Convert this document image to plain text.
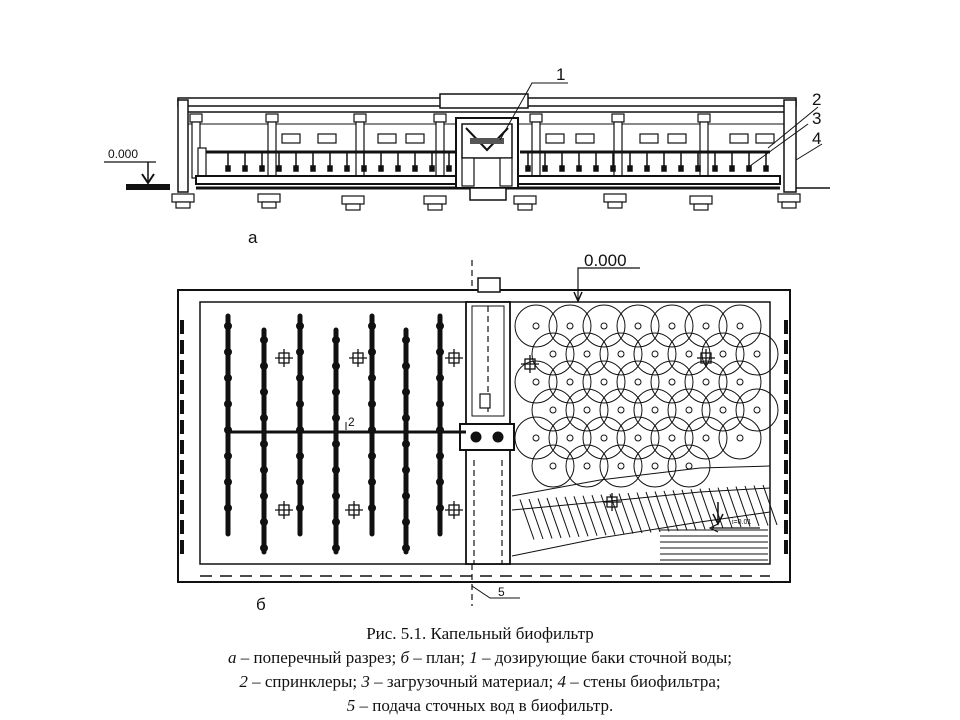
0.000
1
2
3
4
а
0.000
2
5
i=0.01
б
Рис. 5.1. Капельный биофильтр
а – поперечный разрез; б – план; 1 – дозирующие баки сточной воды;
2 – спринклеры; 3 – загрузочный материал; 4 – стены биофильтра;
5 – подача сточных вод в биофильтр.
